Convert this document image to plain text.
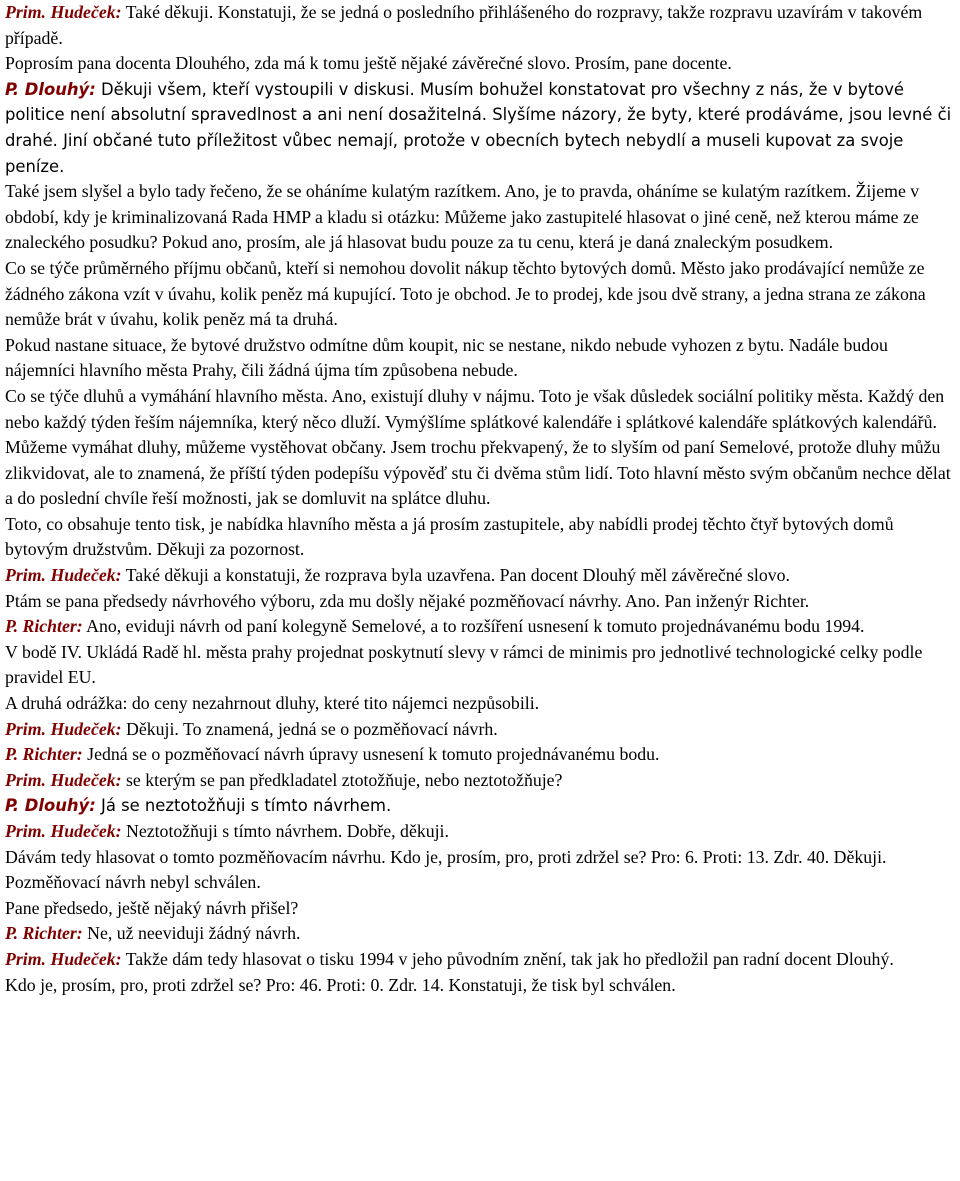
Prim. Hudeček: Také děkuji. Konstatuji, že se jedná o posledního přihlášeného do rozpravy, takže rozpravu uzavírám v takovém případě.

Poprosím pana docenta Dlouhého, zda má k tomu ještě nějaké závěrečné slovo. Prosím, pane docente.

P. Dlouhý: Děkuji všem, kteří vystoupili v diskusi. Musím bohužel konstatovat pro všechny z nás, že v bytové politice není absolutní spravedlnost a ani není dosažitelná. Slyšíme názory, že byty, které prodáváme, jsou levné či drahé. Jiní občané tuto příležitost vůbec nemají, protože v obecních bytech nebydlí a museli kupovat za svoje peníze.

Také jsem slyšel a bylo tady řečeno, že se oháníme kulatým razítkem. Ano, je to pravda, oháníme se kulatým razítkem. Žijeme v období, kdy je kriminalizovaná Rada HMP a kladu si otázku: Můžeme jako zastupitelé hlasovat o jiné ceně, než kterou máme ze znaleckého posudku? Pokud ano, prosím, ale já hlasovat budu pouze za tu cenu, která je daná znaleckým posudkem.

Co se týče průměrného příjmu občanů, kteří si nemohou dovolit nákup těchto bytových domů. Město jako prodávající nemůže ze žádného zákona vzít v úvahu, kolik peněz má kupující. Toto je obchod. Je to prodej, kde jsou dvě strany, a jedna strana ze zákona nemůže brát v úvahu, kolik peněz má ta druhá.

Pokud nastane situace, že bytové družstvo odmítne dům koupit, nic se nestane, nikdo nebude vyhozen z bytu. Nadále budou nájemníci hlavního města Prahy, čili žádná újma tím způsobena nebude.

Co se týče dluhů a vymáhání hlavního města. Ano, existují dluhy v nájmu. Toto je však důsledek sociální politiky města. Každý den nebo každý týden řeším nájemníka, který něco dluží. Vymýšlíme splátkové kalendáře i splátkové kalendáře splátkových kalendářů. Můžeme vymáhat dluhy, můžeme vystěhovat občany. Jsem trochu překvapený, že to slyším od paní Semelové, protože dluhy můžu zlikvidovat, ale to znamená, že příští týden podepíšu výpověď stu či dvěma stům lidí. Toto hlavní město svým občanům nechce dělat a do poslední chvíle řeší možnosti, jak se domluvit na splátce dluhu.

Toto, co obsahuje tento tisk, je nabídka hlavního města a já prosím zastupitele, aby nabídli prodej těchto čtyř bytových domů bytovým družstvům. Děkuji za pozornost.

Prim. Hudeček: Také děkuji a konstatuji, že rozprava byla uzavřena. Pan docent Dlouhý měl závěrečné slovo.

Ptám se pana předsedy návrhového výboru, zda mu došly nějaké pozměňovací návrhy. Ano. Pan inženýr Richter.

P. Richter: Ano, eviduji návrh od paní kolegyně Semelové, a to rozšíření usnesení k tomuto projednávanému bodu 1994.

V bodě IV. Ukládá Radě hl. města prahy projednat poskytnutí slevy v rámci de minimis pro jednotlivé technologické celky podle pravidel EU.

A druhá odrážka: do ceny nezahrnout dluhy, které tito nájemci nezpůsobili.

Prim. Hudeček: Děkuji. To znamená, jedná se o pozměňovací návrh.

P. Richter: Jedná se o pozměňovací návrh úpravy usnesení k tomuto projednávanému bodu.

Prim. Hudeček: se kterým se pan předkladatel ztotožňuje, nebo neztotožňuje?

P. Dlouhý: Já se neztotožňuji s tímto návrhem.

Prim. Hudeček: Neztotožňuji s tímto návrhem. Dobře, děkuji.

Dávám tedy hlasovat o tomto pozměňovacím návrhu. Kdo je, prosím, pro, proti zdržel se? Pro: 6. Proti: 13. Zdr. 40. Děkuji. Pozměňovací návrh nebyl schválen.

Pane předsedo, ještě nějaký návrh přišel?

P. Richter: Ne, už neeviduji žádný návrh.

Prim. Hudeček: Takže dám tedy hlasovat o tisku 1994 v jeho původním znění, tak jak ho předložil pan radní docent Dlouhý.

Kdo je, prosím, pro, proti zdržel se? Pro: 46. Proti: 0. Zdr. 14. Konstatuji, že tisk byl schválen.
